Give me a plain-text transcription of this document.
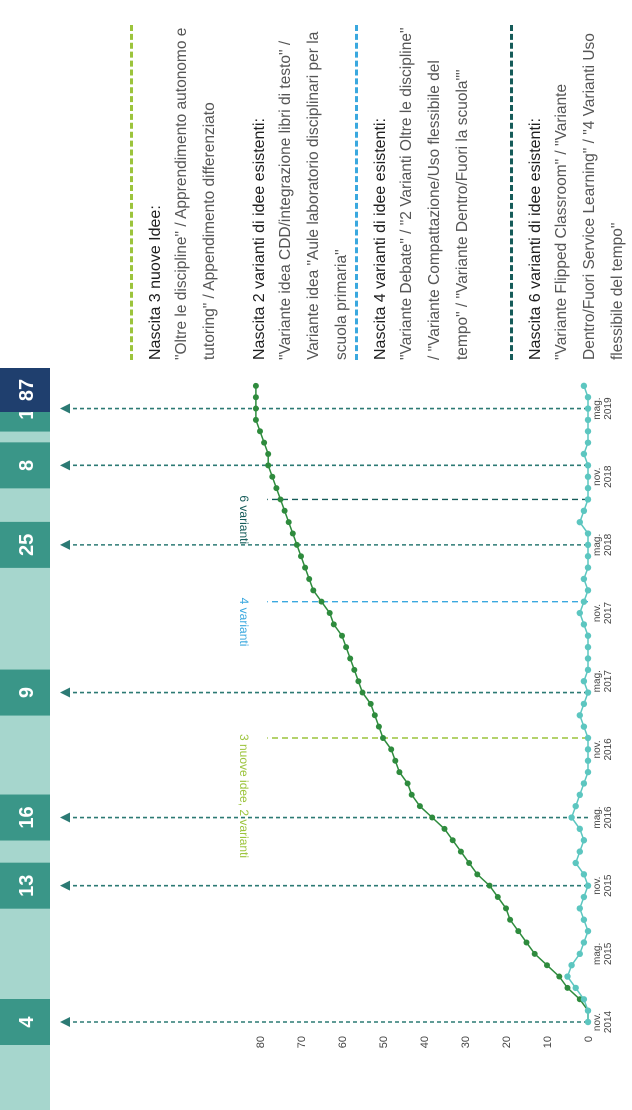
4
13
16
9
25
8
87
0
10
20
30
40
50
60
70
80
nov. 2014
mag. 2015
nov. 2015
mag. 2016
nov. 2016
mag. 2017
nov. 2017
mag. 2018
nov. 2018
mag. 2019
3 nuove idee, 2 varianti
4 varianti
6 varianti
Nascita 3 nuove Idee: "Oltre le discipline" / Apprendimento autonomo e tutoring" / Appendimento differenziato	Nascita 2 varianti di idee esistenti: "Variante idea CDD/integrazione libri di testo" / Variante idea "Aule laboratorio disciplinari per la scuola primaria"	Nascita 4 varianti di idee esistenti: "Variante Debate" / "2 Varianti Oltre le discipline" / "Variante Compattazione/Uso flessibile del tempo" / "Variante Dentro/Fuori la scuola""	Nascita 6 varianti di idee esistenti: "Variante Flipped Classroom" / "Variante Dentro/Fuori Service Learning" / "4 Varianti Uso flessibile del tempo"
